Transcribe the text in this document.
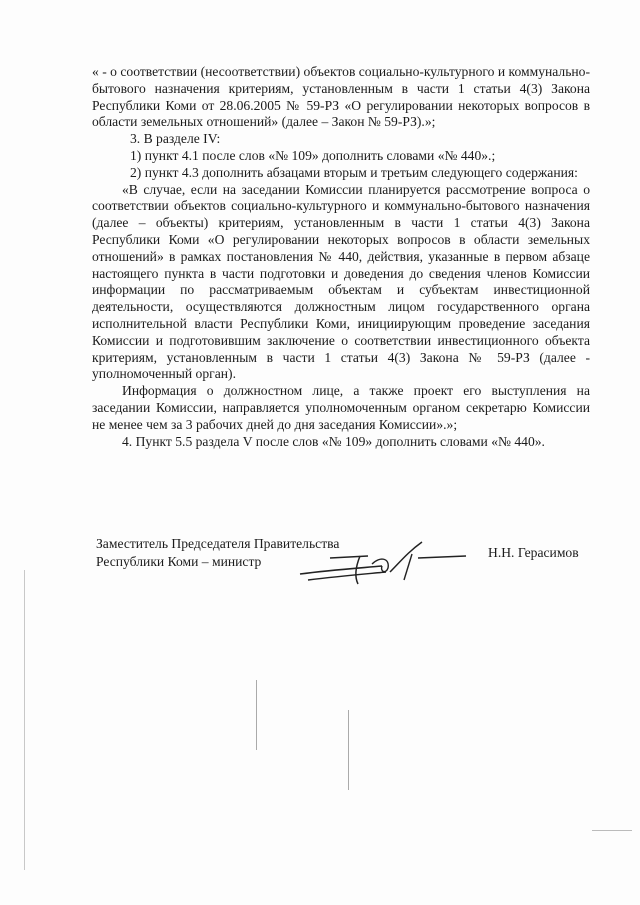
« - о соответствии (несоответствии) объектов социально-культурного и коммунально-бытового назначения критериям, установленным в части 1 статьи 4(3) Закона Республики Коми от 28.06.2005 № 59-РЗ «О регулировании некоторых вопросов в области земельных отношений» (далее – Закон № 59-РЗ).»;

3. В разделе IV:

1) пункт 4.1 после слов «№ 109» дополнить словами «№ 440».;

2) пункт 4.3 дополнить абзацами вторым и третьим следующего содержания:

«В случае, если на заседании Комиссии планируется рассмотрение вопроса о соответствии объектов социально-культурного и коммунально-бытового назначения (далее – объекты) критериям, установленным в части 1 статьи 4(3) Закона Республики Коми «О регулировании некоторых вопросов в области земельных отношений» в рамках постановления № 440, действия, указанные в первом абзаце настоящего пункта в части подготовки и доведения до сведения членов Комиссии информации по рассматриваемым объектам и субъектам инвестиционной деятельности, осуществляются должностным лицом государственного органа исполнительной власти Республики Коми, инициирующим проведение заседания Комиссии и подготовившим заключение о соответствии инвестиционного объекта критериям, установленным в части 1 статьи 4(3) Закона № 59-РЗ (далее - уполномоченный орган).

Информация о должностном лице, а также проект его выступления на заседании Комиссии, направляется уполномоченным органом секретарю Комиссии не менее чем за 3 рабочих дней до дня заседания Комиссии».»;

4. Пункт 5.5 раздела V после слов «№ 109» дополнить словами «№ 440».

Заместитель Председателя Правительства
Республики Коми – министр
Н.Н. Герасимов
